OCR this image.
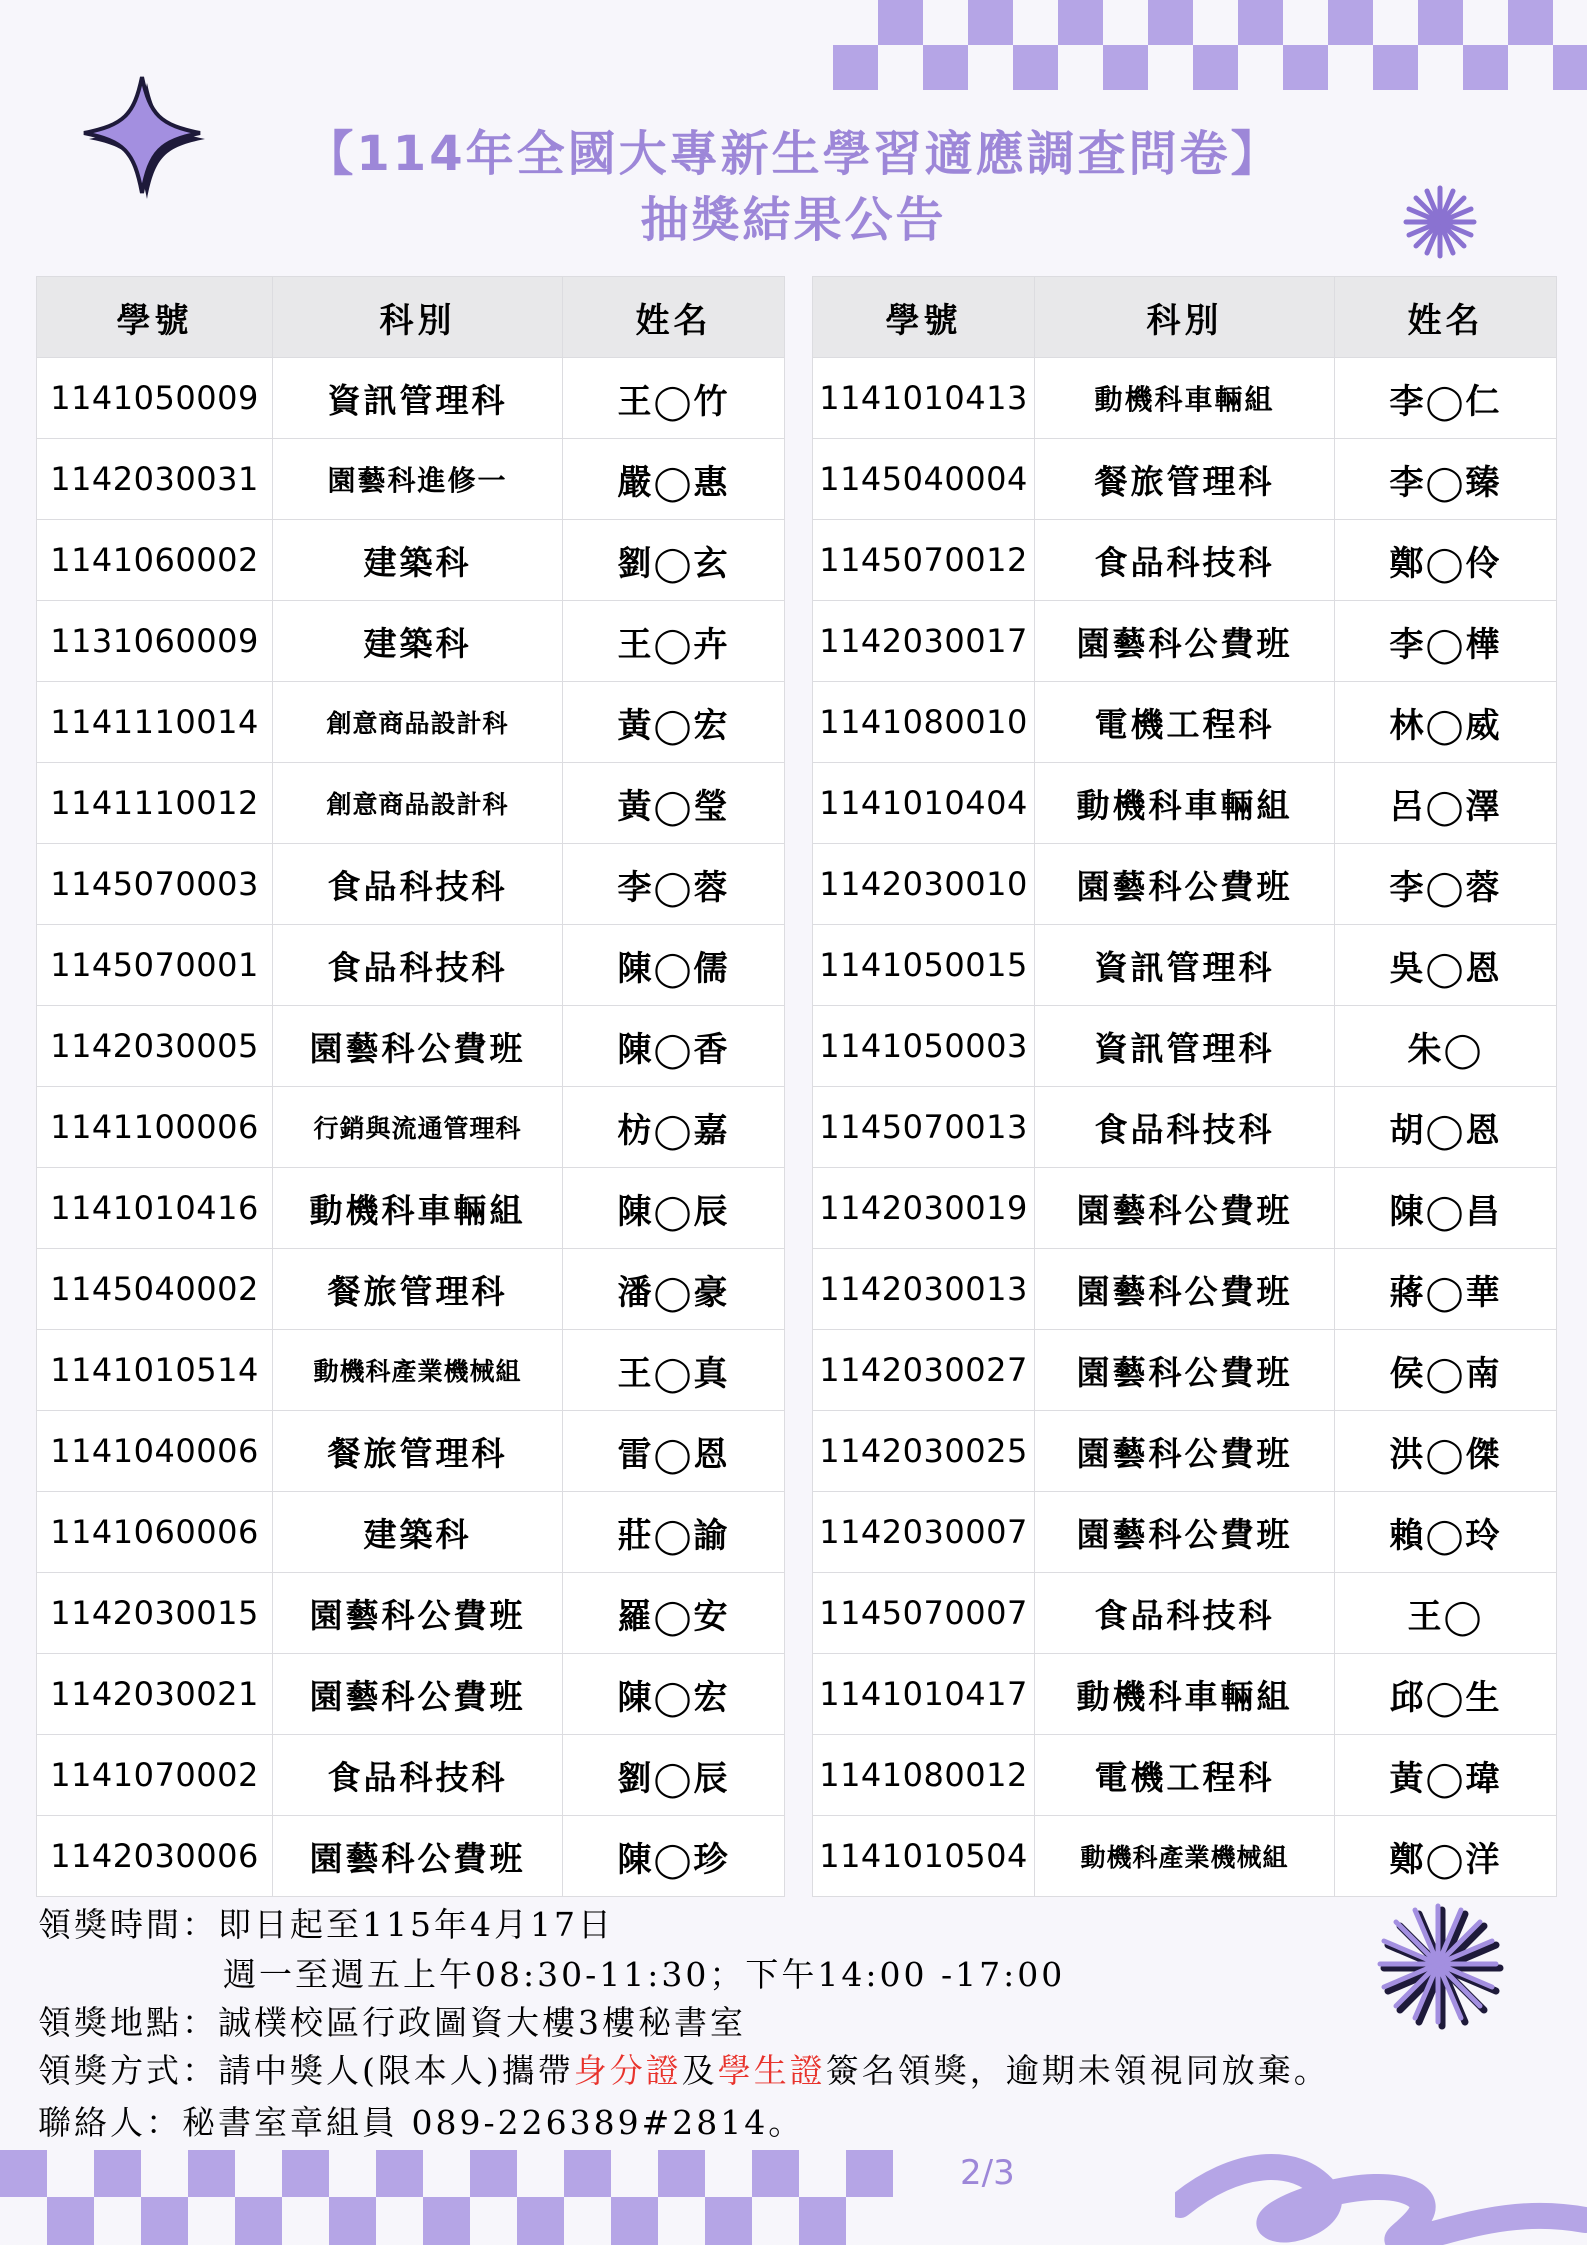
【114年全國大專新生學習適應調查問卷】
抽獎結果公告
學號	科別	姓名
1141050009	資訊管理科	王◯竹
1142030031	園藝科進修一	嚴◯惠
1141060002	建築科	劉◯玄
1131060009	建築科	王◯卉
1141110014	創意商品設計科	黃◯宏
1141110012	創意商品設計科	黃◯瑩
1145070003	食品科技科	李◯蓉
1145070001	食品科技科	陳◯儒
1142030005	園藝科公費班	陳◯香
1141100006	行銷與流通管理科	枋◯嘉
1141010416	動機科車輛組	陳◯辰
1145040002	餐旅管理科	潘◯豪
1141010514	動機科產業機械組	王◯真
1141040006	餐旅管理科	雷◯恩
1141060006	建築科	莊◯諭
1142030015	園藝科公費班	羅◯安
1142030021	園藝科公費班	陳◯宏
1141070002	食品科技科	劉◯辰
1142030006	園藝科公費班	陳◯珍
學號	科別	姓名
1141010413	動機科車輛組	李◯仁
1145040004	餐旅管理科	李◯臻
1145070012	食品科技科	鄭◯伶
1142030017	園藝科公費班	李◯樺
1141080010	電機工程科	林◯威
1141010404	動機科車輛組	呂◯澤
1142030010	園藝科公費班	李◯蓉
1141050015	資訊管理科	吳◯恩
1141050003	資訊管理科	朱◯
1145070013	食品科技科	胡◯恩
1142030019	園藝科公費班	陳◯昌
1142030013	園藝科公費班	蔣◯華
1142030027	園藝科公費班	侯◯南
1142030025	園藝科公費班	洪◯傑
1142030007	園藝科公費班	賴◯玲
1145070007	食品科技科	王◯
1141010417	動機科車輛組	邱◯生
1141080012	電機工程科	黃◯瑋
1141010504	動機科產業機械組	鄭◯洋
領獎時間：即日起至115年4月17日
週一至週五上午08:30-11:30；下午14:00 -17:00
領獎地點：誠樸校區行政圖資大樓3樓秘書室
領獎方式：請中獎人(限本人)攜帶身分證及學生證簽名領獎，逾期未領視同放棄。
聯絡人：秘書室章組員 089-226389#2814。
2/3
